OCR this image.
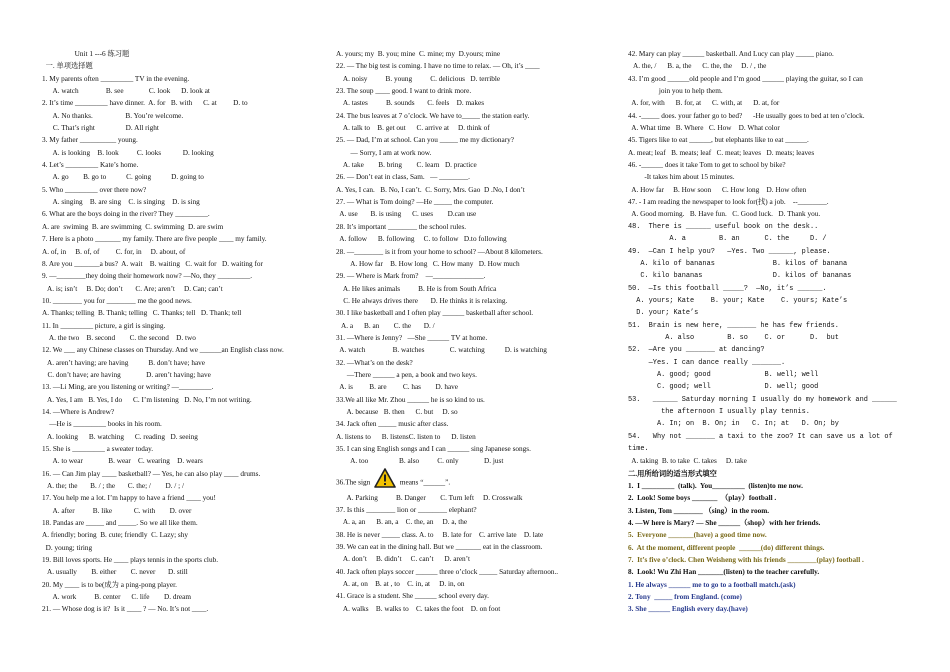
Unit 1 ---6 练习题
一. 单项选择题
1. My parents often _________ TV in the evening.
A. watch               B. see              C. look      D. look at
2. It’s time _________ have dinner.  A. for   B. with      C. at         D. to
A. No thanks.                  B. You’re welcome.
C. That’s right                 D. All right
3. My father __________ young.
A. is looking    B. look          C. looks            D. looking
4. Let’s _________ Kate’s home.
A. go        B. go to           C. going           D. going to
5. Who _________ over there now?
A. singing    B. are sing    C. is singing    D. is sing
6. What are the boys doing in the river? They _________.
A. are  swiming  B. are swimming  C. swimming  D. are swim
7. Here is a photo _______ my family. There are five people ____ my family.
A. of, in     B. of, of         C. for, in     D. about, of
8. Are you _______a bus?  A. wait    B. waiting   C. wait for   D. waiting for
9. —________they doing their homework now? —No, they _________.
A. is; isn’t     B. Do; don’t       C. Are; aren’t     D. Can; can’t
10. ________ you for ________ me the good news.
A. Thanks; telling  B. Thank; telling   C. Thanks; tell   D. Thank; tell
11. In _________ picture, a girl is singing.
A. the two    B. second        C. the second    D. two
12. We ___ any Chinese classes on Thursday. And we ______an English class now.
A. aren’t having; are having           B. don’t have; have
C. don’t have; are having              D. aren’t having; have
13. —Li Ming, are you listening or writing? —_________.
A. Yes, I am   B. Yes, I do      C. I’m listening   D. No, I’m not writing.
14. —Where is Andrew?
—He is _________ books in his room.
A. looking      B. watching      C. reading   D. seeing
15. She is _________ a sweater today.
A. to wear              B. wear    C. wearing    D. wears
16. — Can Jim play ____ basketball? — Yes, he can also play ____ drums.
A. the; the       B. / ; the       C. the; /        D. / ; /
17. You help me a lot. I’m happy to have a friend ____ you!
A. after          B. like            C. with        D. over
18. Pandas are _____ and _____. So we all like them.
A. friendly; boring  B. cute; friendly  C. Lazy; shy
D. young; tiring
19. Bill loves sports. He ____ plays tennis in the sports club.
A. usually        B. either        C. never       D. still
20. My ____ is to be(成为 a ping-pong player.
A. work          B. center      C. life        D. dream
21. — Whose dog is it?  Is it ____ ? — No. It’s not ____.
A. yours; my  B. you; mine  C. mine; my  D.yours; mine
22. — The big test is coming. I have no time to relax. — Oh, it’s ____
A. noisy          B. young          C. delicious   D. terrible
23. The soup ____ good. I want to drink more.
A. tastes          B. sounds       C. feels    D. makes
24. The bus leaves at 7 o’clock. We have to_____ the station early.
A. talk to    B. get out      C. arrive at     D. think of
25. — Dad, I’m at school. Can you _____ me my dictionary?
— Sorry, I am at work now.
A. take        B. bring        C. learn   D. practice
26. — Don’t eat in class, Sam.   — ________.
A. Yes, I can.   B. No, I can’t.  C. Sorry, Mrs. Gao  D .No, I don’t
27. — What is Tom doing? —He _____ the computer.
A. use       B. is using      C. uses        D.can use
28. It’s important ________ the school rules.
A. follow      B. following     C. to follow   D.to following
28. —________ is it from your home to school? —About 8 kilometers.
A. How far    B. How long   C. How many   D. How much
29. — Where is Mark from?    —______________.
A. He likes animals          B. He is from South Africa
C. He always drives there       D. He thinks it is relaxing.
30. I like basketball and I often play ______ basketball after school.
A. a      B. an        C. the       D. /
31. —Where is Jenny?   —She ______ TV at home.
A. watch               B. watches              C. watching           D. is watching
32. —What’s on the desk?
—There ______ a pen, a book and two keys.
A. is         B. are         C. has        D. have
33.We all like Mr. Zhou ______ he is so kind to us.
A. because   B. then      C. but     D. so
34. Jack often _____ music after class.
A. listens to      B. listensC. listen to      D. listen
35. I can sing English songs and I can ______ sing Japanese songs.
A. too                 B. also          C. only              D. just
36.The sign	means “______”.
A. Parking          B. Danger        C. Turn left     D. Crosswalk
37. Is this ________ lion or ________ elephant?
A. a, an      B. an, a    C. the, an     D. a, the
38. He is never _____ class. A. to     B. late for    C. arrive late    D. late
39. We can eat in the dining hall. But we _______ eat in the classroom.
A. don’t     B. didn’t     C. can’t      D. aren’t
40. Jack often plays soccer ______ three o’clock _____ Saturday afternoon..
A. at, on    B. at , to    C. in, at     D. in, on
41. Grace is a student. She ______ school every day.
A. walks    B. walks to    C. takes the foot    D. on foot
42. Mary can play ______ basketball. And Lucy can play _____ piano.
A. the, /      B. a, the      C. the, the     D. / , the
43. I’m good ______old people and I’m good ______ playing the guitar, so I can
join you to help them.
A. for, with      B. for, at      C. with, at      D. at, for
44. -_____ does. your father go to bed?      -He usually goes to bed at ten o’clock.
A. What time   B. Where   C. How    D. What color
45. Tigers like to eat ______, but elephants like to eat ______.
A. meat; leaf   B. meats; leaf   C. meat; leaves   D. meats; leaves
46. -______ does it take Tom to get to school by bike?
-It takes him about 15 minutes.
A. How far     B. How soon      C. How long    D. How often
47. - I am reading the newspaper to look for(找) a job.    --________.
A. Good morning.   B. Have fun.   C. Good luck.   D. Thank you.
48.  There is ______ useful book on the desk..
A. a        B. an      C. the     D. /
49.  —Can I help you?   —Yes. Two ______, please.
A. kilo of bananas              B. kilos of banana
C. kilo bananas                 D. kilos of bananas
50.  —Is this football _____?  —No, it’s ______.
A. yours; Kate    B. your; Kate    C. yours; Kate’s
D. your; Kate’s
51.  Brain is new here, _______ he has few friends.
A. also        B. so    C. or      D.  but
52.  —Are you _______ at dancing?
—Yes. I can dance really _______.
A. good; good             B. well; well
C. good; well             D. well; good
53.   ______ Saturday morning I usually do my homework and ______
the afternoon I usually play tennis.
A. In; on  B. On; in   C. In; at   D. On; by
54.   Why not _______ a taxi to the zoo? It can save us a lot of
time.
A. taking  B. to take  C. takes     D. take
二.用所给词的适当形式填空
1.  I _________  (talk).  You_________  (listen)to me now.
2.  Look! Some boys _______  （play）football .
3. Listen, Tom ________ （sing）in the room.
4. —W here is Mary? — She ______（shop）with her friends.
5.  Everyone _______(have) a good time now.
6.  At the moment, different people  ______(do) different things.
7.  It’s five o’clock. Chen Weisheng with his friends ________(play) football .
8.  Look! Wu Zhi Han _______(listen) to the teacher carefully.
1. He always ______ me to go to a football match.(ask)
2. Tony  _____ from England. (come)
3. She ______ English every day.(have)
